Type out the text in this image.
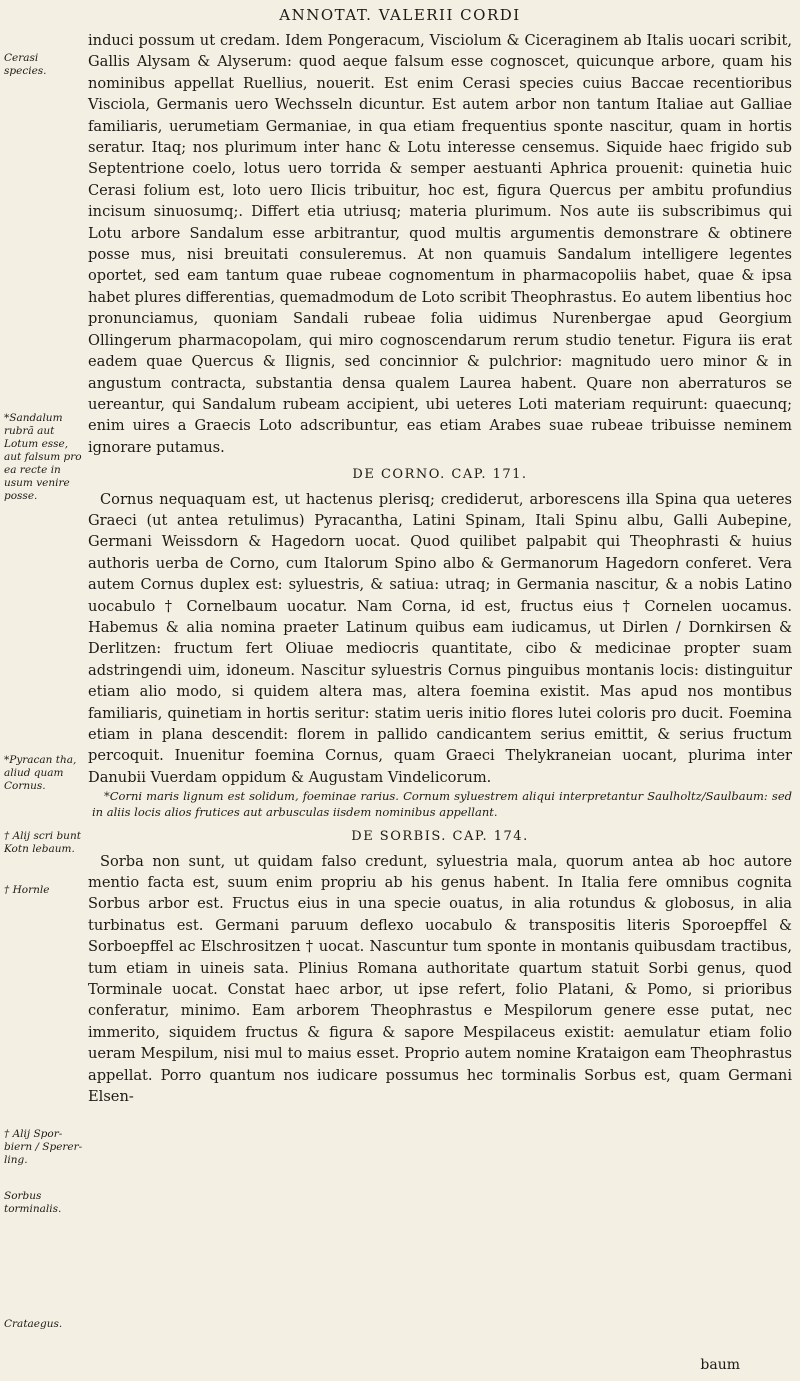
ANNOTAT. VALERII CORDI
Cerasi species.
*Sandalum rubrã aut Lotum esse, aut falsum pro ea recte in usum venire posse.
*Pyracan tha, aliud quam Cornus.
† Alij scri bunt Kotn lebaum.
† Hornle
† Alij Spor- biern / Sperer- ling.
Sorbus torminalis.
Crataegus.

induci possum ut credam. Idem Pongeracum, Visciolum & Ciceraginem ab Italis uocari scribit, Gallis Alysam & Alyserum: quod aeque falsum esse cognoscet, quicunque arbore, quam his nominibus appellat Ruellius, nouerit. Est enim Cerasi species cuius Baccae recentioribus Visciola, Germanis uero Wechsseln dicuntur. Est autem arbor non tantum Italiae aut Galliae familiaris, uerumetiam Germaniae, in qua etiam frequentius sponte nascitur, quam in hortis seratur. Itaq; nos plurimum inter hanc & Lotu interesse censemus. Siquide haec frigido sub Septentrione coelo, lotus uero torrida & semper aestuanti Aphrica prouenit: quinetia huic Cerasi folium est, loto uero Ilicis tribuitur, hoc est, figura Quercus per ambitu profundius incisum sinuosumq;. Differt etia utriusq; materia plurimum. Nos aute iis subscribimus qui Lotu arbore Sandalum esse arbitrantur, quod multis argumentis demonstrare & obtinere posse mus, nisi breuitati consuleremus. At non quamuis Sandalum intelligere legentes oportet, sed eam tantum quae rubeae cognomentum in pharmacopoliis habet, quae & ipsa habet plures differentias, quemadmodum de Loto scribit Theophrastus. Eo autem libentius hoc pronunciamus, quoniam Sandali rubeae folia uidimus Nurenbergae apud Georgium Ollingerum pharmacopolam, qui miro cognoscendarum rerum studio tenetur. Figura iis erat eadem quae Quercus & Ilignis, sed concinnior & pulchrior: magnitudo uero minor & in angustum contracta, substantia densa qualem Laurea habent. Quare non aberraturos se uereantur, qui Sandalum rubeam accipient, ubi ueteres Loti materiam requirunt: quaecunq; enim uires a Graecis Loto adscribuntur, eas etiam Arabes suae rubeae tribuisse neminem ignorare putamus.

DE CORNO. CAP. 171.

Cornus nequaquam est, ut hactenus plerisq; crediderut, arborescens illa Spina qua ueteres Graeci (ut antea retulimus) Pyracantha, Latini Spinam, Itali Spinu albu, Galli Aubepine, Germani Weissdorn & Hagedorn uocat. Quod quilibet palpabit qui Theophrasti & huius authoris uerba de Corno, cum Italorum Spino albo & Germanorum Hagedorn conferet. Vera autem Cornus duplex est: syluestris, & satiua: utraq; in Germania nascitur, & a nobis Latino uocabulo † Cornelbaum uocatur. Nam Corna, id est, fructus eius † Cornelen uocamus. Habemus & alia nomina praeter Latinum quibus eam iudicamus, ut Dirlen / Dornkirsen & Derlitzen: fructum fert Oliuae mediocris quantitate, cibo & medicinae propter suam adstringendi uim, idoneum. Nascitur syluestris Cornus pinguibus montanis locis: distinguitur etiam alio modo, si quidem altera mas, altera foemina existit. Mas apud nos montibus familiaris, quinetiam in hortis seritur: statim ueris initio flores lutei coloris pro ducit. Foemina etiam in plana descendit: florem in pallido candicantem serius emittit, & serius fructum percoquit. Inuenitur foemina Cornus, quam Graeci Thelykraneian uocant, plurima inter Danubii Vuerdam oppidum & Augustam Vindelicorum.

*Corni maris lignum est solidum, foeminae rarius. Cornum syluestrem aliqui interpretantur Saulholtz/Saulbaum: sed in aliis locis alios frutices aut arbusculas iisdem nominibus appellant.

DE SORBIS. CAP. 174.

Sorba non sunt, ut quidam falso credunt, syluestria mala, quorum antea ab hoc autore mentio facta est, suum enim propriu ab his genus habent. In Italia fere omnibus cognita Sorbus arbor est. Fructus eius in una specie ouatus, in alia rotundus & globosus, in alia turbinatus est. Germani paruum deflexo uocabulo & transpositis literis Sporoepffel & Sorboepffel ac Elschrositzen † uocat. Nascuntur tum sponte in montanis quibusdam tractibus, tum etiam in uineis sata. Plinius Romana authoritate quartum statuit Sorbi genus, quod Torminale uocat. Constat haec arbor, ut ipse refert, folio Platani, & Pomo, si prioribus conferatur, minimo. Eam arborem Theophrastus e Mespilorum genere esse putat, nec immerito, siquidem fructus & figura & sapore Mespilaceus existit: aemulatur etiam folio ueram Mespilum, nisi mul to maius esset. Proprio autem nomine Krataigon eam Theophrastus appellat. Porro quantum nos iudicare possumus hec torminalis Sorbus est, quam Germani Elsen-

baum
